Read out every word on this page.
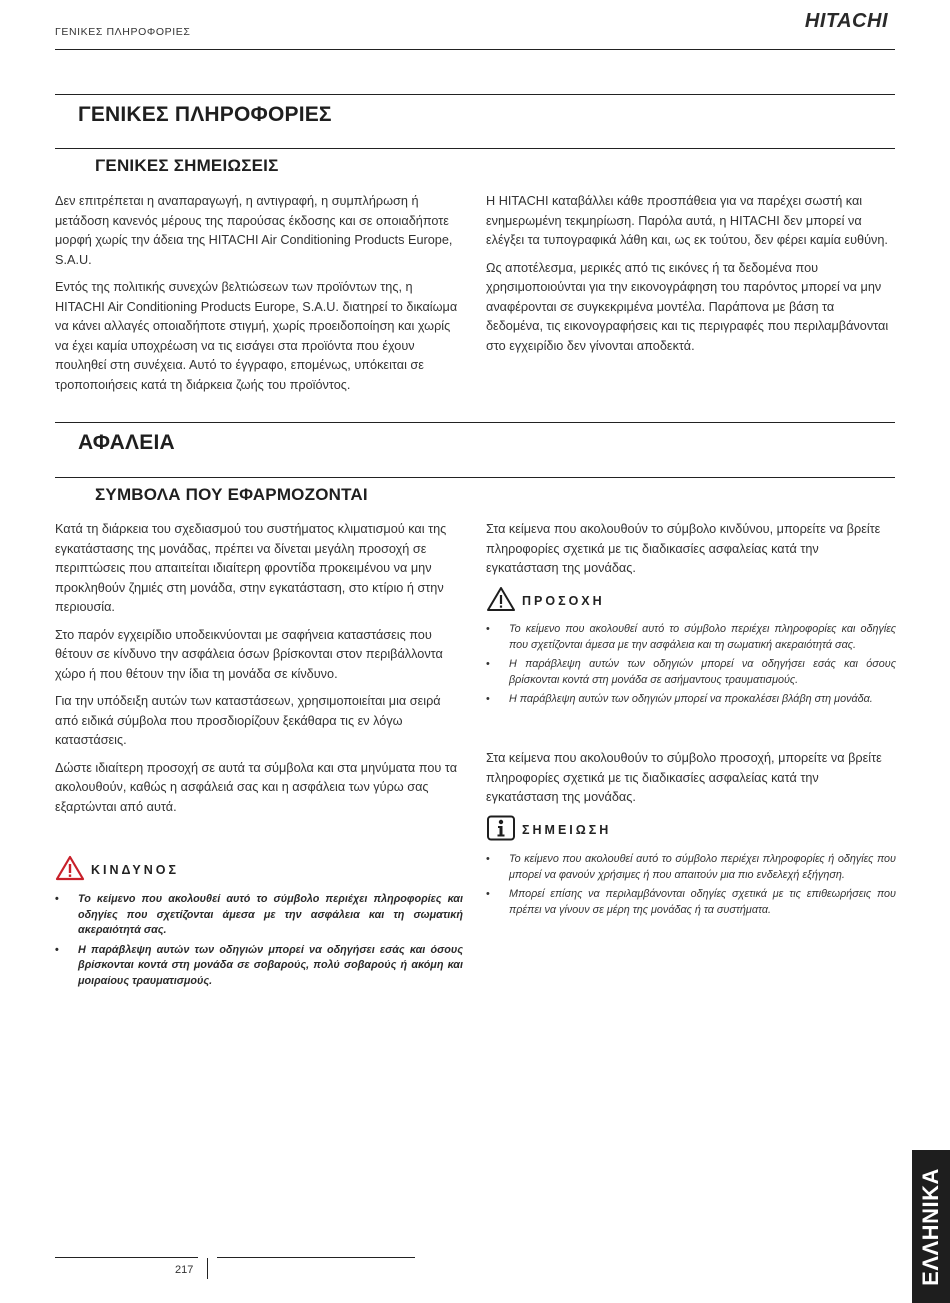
ΓΕΝΙΚΕΣ ΠΛΗΡΟΦΟΡΙΕΣ	HITACHI
ΓΕΝΙΚΕΣ ΠΛΗΡΟΦΟΡΙΕΣ
ΓΕΝΙΚΕΣ ΣΗΜΕΙΩΣΕΙΣ

Δεν επιτρέπεται η αναπαραγωγή, η αντιγραφή, η συμπλήρωση ή μετάδοση κανενός μέρους της παρούσας έκδοσης και σε οποιαδήποτε μορφή χωρίς την άδεια της HITACHI Air Conditioning Products Europe, S.A.U.

Εντός της πολιτικής συνεχών βελτιώσεων των προϊόντων της, η HITACHI Air Conditioning Products Europe, S.A.U. διατηρεί το δικαίωμα να κάνει αλλαγές οποιαδήποτε στιγμή, χωρίς προειδοποίηση και χωρίς να έχει καμία υποχρέωση να τις εισάγει στα προϊόντα που έχουν πουληθεί στη συνέχεια. Αυτό το έγγραφο, επομένως, υπόκειται σε τροποποιήσεις κατά τη διάρκεια ζωής του προϊόντος.

Η HITACHI καταβάλλει κάθε προσπάθεια για να παρέχει σωστή και ενημερωμένη τεκμηρίωση. Παρόλα αυτά, η HITACHI δεν μπορεί να ελέγξει τα τυπογραφικά λάθη και, ως εκ τούτου, δεν φέρει καμία ευθύνη.

Ως αποτέλεσμα, μερικές από τις εικόνες ή τα δεδομένα που χρησιμοποιούνται για την εικονογράφηση του παρόντος μπορεί να μην αναφέρονται σε συγκεκριμένα μοντέλα. Παράπονα με βάση τα δεδομένα, τις εικονογραφήσεις και τις περιγραφές που περιλαμβάνονται στο εγχειρίδιο δεν γίνονται αποδεκτά.

ΑΦΑΛΕΙΑ
ΣΥΜΒΟΛΑ ΠΟΥ ΕΦΑΡΜΟΖΟΝΤΑΙ

Κατά τη διάρκεια του σχεδιασμού του συστήματος κλιματισμού και της εγκατάστασης της μονάδας, πρέπει να δίνεται μεγάλη προσοχή σε περιπτώσεις που απαιτείται ιδιαίτερη φροντίδα προκειμένου να μην προκληθούν ζημιές στη μονάδα, στην εγκατάσταση, στο κτίριο ή στην περιουσία.

Στο παρόν εγχειρίδιο υποδεικνύονται με σαφήνεια καταστάσεις που θέτουν σε κίνδυνο την ασφάλεια όσων βρίσκονται στον περιβάλλοντα χώρο ή που θέτουν την ίδια τη μονάδα σε κίνδυνο.

Για την υπόδειξη αυτών των καταστάσεων, χρησιμοποιείται μια σειρά από ειδικά σύμβολα που προσδιορίζουν ξεκάθαρα τις εν λόγω καταστάσεις.

Δώστε ιδιαίτερη προσοχή σε αυτά τα σύμβολα και στα μηνύματα που τα ακολουθούν, καθώς η ασφάλειά σας και η ασφάλεια των γύρω σας εξαρτώνται από αυτά.

ΚΙΝΔΥΝΟΣ
• Το κείμενο που ακολουθεί αυτό το σύμβολο περιέχει πληροφορίες και οδηγίες που σχετίζονται άμεσα με την ασφάλεια και τη σωματική ακεραιότητά σας.
• Η παράβλεψη αυτών των οδηγιών μπορεί να οδηγήσει εσάς και όσους βρίσκονται κοντά στη μονάδα σε σοβαρούς, πολύ σοβαρούς ή ακόμη και μοιραίους τραυματισμούς.

Στα κείμενα που ακολουθούν το σύμβολο κινδύνου, μπορείτε να βρείτε πληροφορίες σχετικά με τις διαδικασίες ασφαλείας κατά την εγκατάσταση της μονάδας.

ΠΡΟΣΟΧΗ
• Το κείμενο που ακολουθεί αυτό το σύμβολο περιέχει πληροφορίες και οδηγίες που σχετίζονται άμεσα με την ασφάλεια και τη σωματική ακεραιότητά σας.
• Η παράβλεψη αυτών των οδηγιών μπορεί να οδηγήσει εσάς και όσους βρίσκονται κοντά στη μονάδα σε ασήμαντους τραυματισμούς.
• Η παράβλεψη αυτών των οδηγιών μπορεί να προκαλέσει βλάβη στη μονάδα.

Στα κείμενα που ακολουθούν το σύμβολο προσοχή, μπορείτε να βρείτε πληροφορίες σχετικά με τις διαδικασίες ασφαλείας κατά την εγκατάσταση της μονάδας.

ΣΗΜΕΙΩΣΗ
• Το κείμενο που ακολουθεί αυτό το σύμβολο περιέχει πληροφορίες ή οδηγίες που μπορεί να φανούν χρήσιμες ή που απαιτούν μια πιο ενδελεχή εξήγηση.
• Μπορεί επίσης να περιλαμβάνονται οδηγίες σχετικά με τις επιθεωρήσεις που πρέπει να γίνουν σε μέρη της μονάδας ή τα συστήματα.
217	ΕΛΛΗΝΙΚΑ
